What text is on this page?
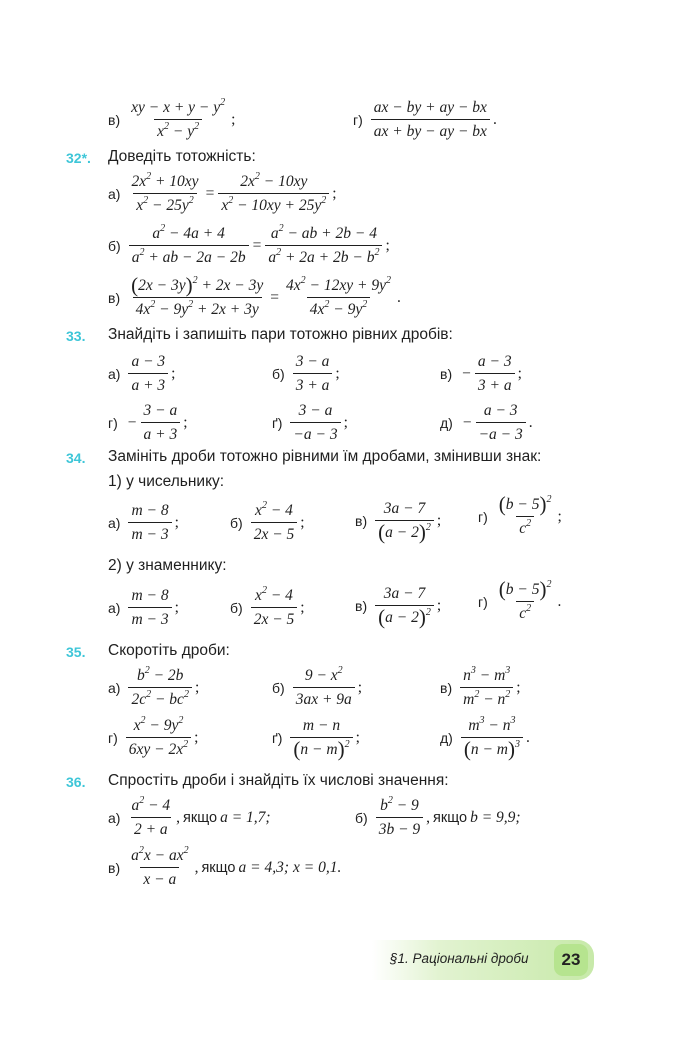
в)
xy − $x + y - y^2$
$x^2 - y^2$ ;	г)
ax − by + ay − bx
ax + by − ay − bx
.
32*. Доведіть тотожність:
$а) \frac{2x^2 + 10xy}{x^2 - 25y^2} = \frac{2x^2 - 10xy}{x^2 - 10xy + 25y^2}$ ;
$б) \frac{a^2 - 4a + 4}{a^2 + ab - 2a - 2b} = \frac{a^2 - ab + 2b - 4}{a^2 + 2a + 2b - b^2}$ ;
$в) \frac{(2x - 3y)^2 + 2x - 3y}{4x^2 - 9y^2 + 2x + 3y} = \frac{4x^2 - 12xy + 9y^2}{4x^2 - 9y^2}$ .
33. Знайдіть і запишіть пари тотожно рівних дробів:
а)
a − 3
a + 3
;	б)
3 − a
3 + a
;	$в) - \frac{a - 3}{3 + a}$ ;
$г) - \frac{3 - a}{a + 3}$ ;	ґ)
3 − a
−a − 3
;	$д) - \frac{a - 3}{-a - 3}$ .
34. Замініть дроби тотожно рівними їм дробами, змінивши знак:
1) у чисельнику:
а)
m − 8
m − 3
;	б)
$x^2 - 4$
2x − 5
;	в)
3a − 7
$(a - 2)^2$ ;	г)
$(b - 5)^2$
$c^2$ ;
2) у знаменнику:
а)
m − 8
m − 3
;	б)
$x^2 - 4$
2x − 5
;	в)
3a − 7
$(a - 2)^2$ ;	г)
$(b - 5)^2$
$c^2$ .
35. Скоротіть дроби:
а)
$b^2 - 2b$
$2c^2 - bc^2$ ;	б)
$9 - x^2$
3ax + 9a
;	в)
$n^3 - m^3$
$m^2 - n^2$ ;
г)
$x^2 - 9y^2$
$6xy - 2x^2$ ;	ґ)
m − n
$(n - m)^2$ ;	д)
$m^3 - n^3$
$(n - m)^3$ .
36. Спростіть дроби і знайдіть їх числові значення:
а)
$a^2 - 4$
2 + a
, якщо a = 1,7;	б)
$b^2 - 9$
3b − 9
, якщо b = 9,9;
в)
$a^2x - ax^2$
x − a
, якщо a = 4,3; x = 0,1.
§1. Раціональні дроби	23
